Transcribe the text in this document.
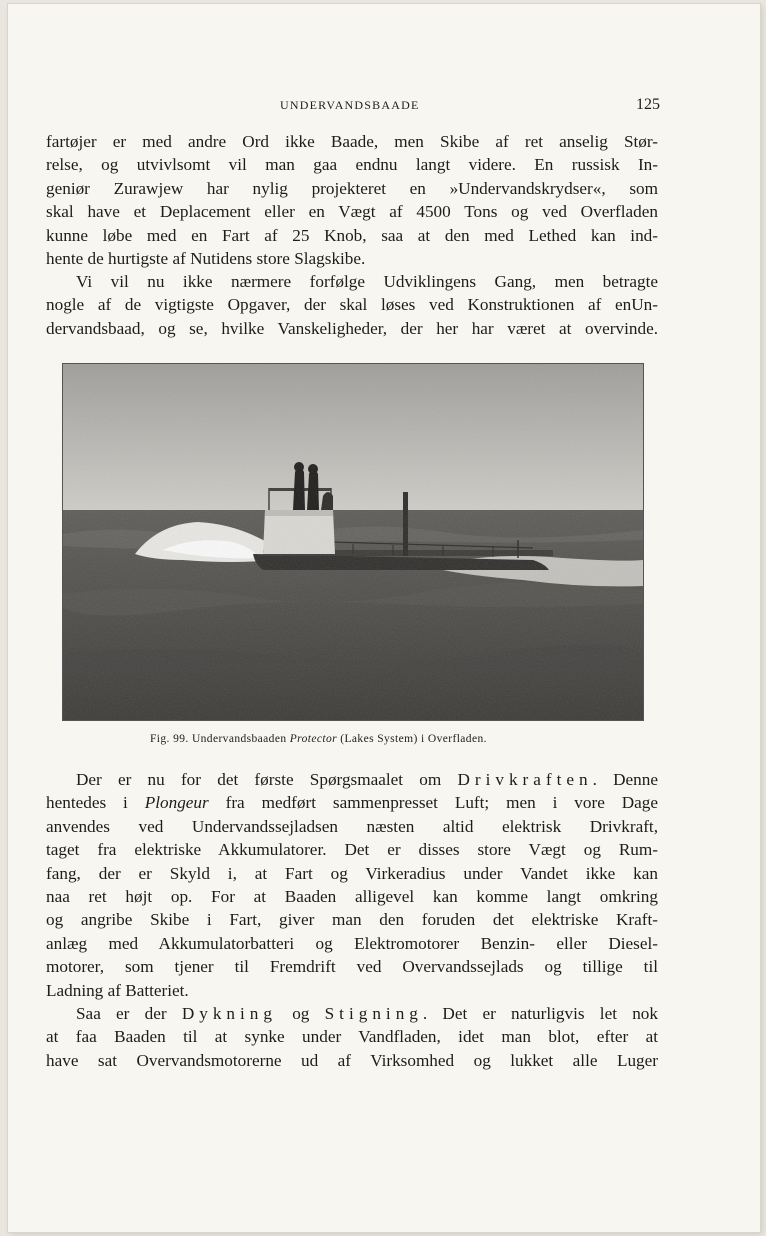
UNDERVANDSBAADE	125
fartøjer er med andre Ord ikke Baade, men Skibe af ret anselig Stør-
relse, og utvivlsomt vil man gaa endnu langt videre. En russisk In-
geniør Zurawjew har nylig projekteret en »Undervandskrydser«, som
skal have et Deplacement eller en Vægt af 4500 Tons og ved Overfladen
kunne løbe med en Fart af 25 Knob, saa at den med Lethed kan ind-
hente de hurtigste af Nutidens store Slagskibe.
Vi vil nu ikke nærmere forfølge Udviklingens Gang, men betragte
nogle af de vigtigste Opgaver, der skal løses ved Konstruktionen af enUn-
dervandsbaad, og se, hvilke Vanskeligheder, der her har været at overvinde.
Fig. 99. Undervandsbaaden Protector (Lakes System) i Overfladen.
Der er nu for det første Spørgsmaalet om Drivkraften. Denne
hentedes i Plongeur fra medført sammenpresset Luft; men i vore Dage
anvendes ved Undervandssejladsen næsten altid elektrisk Drivkraft,
taget fra elektriske Akkumulatorer. Det er disses store Vægt og Rum-
fang, der er Skyld i, at Fart og Virkeradius under Vandet ikke kan
naa ret højt op. For at Baaden alligevel kan komme langt omkring
og angribe Skibe i Fart, giver man den foruden det elektriske Kraft-
anlæg med Akkumulatorbatteri og Elektromotorer Benzin- eller Diesel-
motorer, som tjener til Fremdrift ved Overvandssejlads og tillige til
Ladning af Batteriet.
Saa er der Dykning og Stigning. Det er naturligvis let nok
at faa Baaden til at synke under Vandfladen, idet man blot, efter at
have sat Overvandsmotorerne ud af Virksomhed og lukket alle Luger
